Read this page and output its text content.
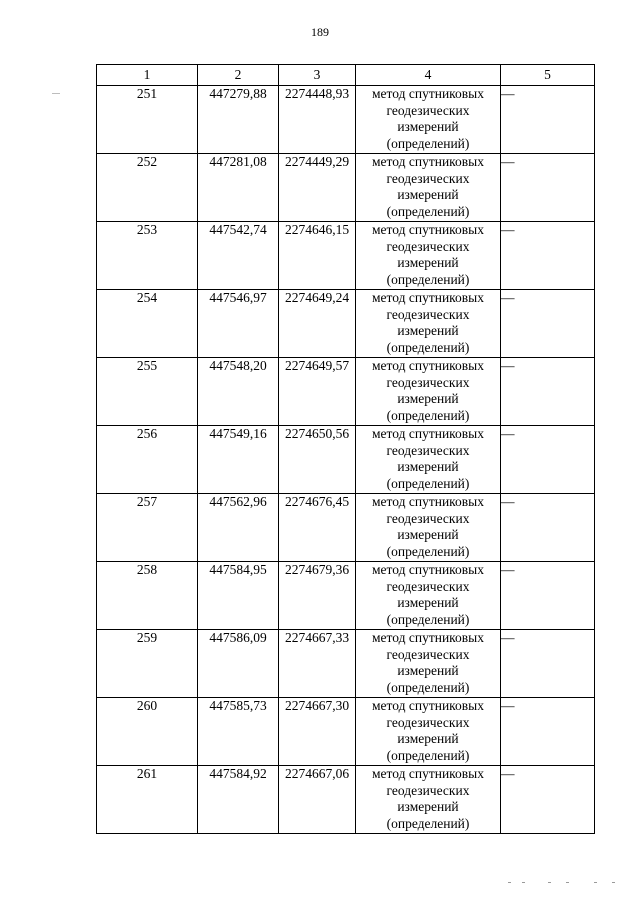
189
1	2	3	4	5
251	447279,88	2274448,93	метод спутниковых геодезических измерений (определений)	—
252	447281,08	2274449,29	метод спутниковых геодезических измерений (определений)	—
253	447542,74	2274646,15	метод спутниковых геодезических измерений (определений)	—
254	447546,97	2274649,24	метод спутниковых геодезических измерений (определений)	—
255	447548,20	2274649,57	метод спутниковых геодезических измерений (определений)	—
256	447549,16	2274650,56	метод спутниковых геодезических измерений (определений)	—
257	447562,96	2274676,45	метод спутниковых геодезических измерений (определений)	—
258	447584,95	2274679,36	метод спутниковых геодезических измерений (определений)	—
259	447586,09	2274667,33	метод спутниковых геодезических измерений (определений)	—
260	447585,73	2274667,30	метод спутниковых геодезических измерений (определений)	—
261	447584,92	2274667,06	метод спутниковых геодезических измерений (определений)	—
